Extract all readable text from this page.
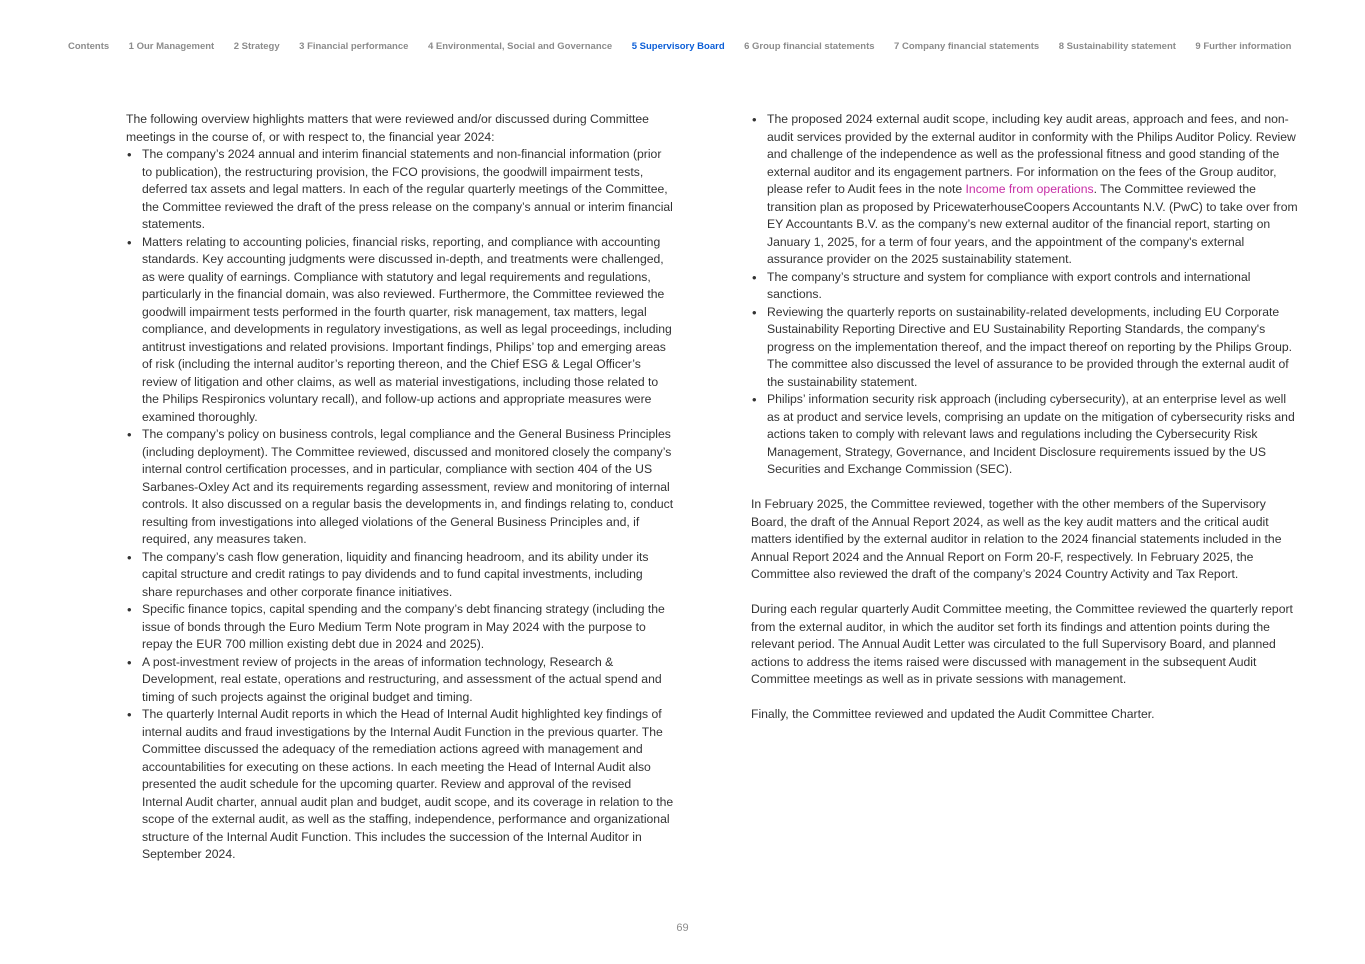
Contents 1 Our Management 2 Strategy 3 Financial performance 4 Environmental, Social and Governance 5 Supervisory Board 6 Group financial statements 7 Company financial statements 8 Sustainability statement 9 Further information

The following overview highlights matters that were reviewed and/or discussed during Committee meetings in the course of, or with respect to, the financial year 2024:

• The company’s 2024 annual and interim financial statements and non-financial information (prior to publication), the restructuring provision, the FCO provisions, the goodwill impairment tests, deferred tax assets and legal matters. In each of the regular quarterly meetings of the Committee, the Committee reviewed the draft of the press release on the company’s annual or interim financial statements.
• Matters relating to accounting policies, financial risks, reporting, and compliance with accounting standards. Key accounting judgments were discussed in-depth, and treatments were challenged, as were quality of earnings. Compliance with statutory and legal requirements and regulations, particularly in the financial domain, was also reviewed. Furthermore, the Committee reviewed the goodwill impairment tests performed in the fourth quarter, risk management, tax matters, legal compliance, and developments in regulatory investigations, as well as legal proceedings, including antitrust investigations and related provisions. Important findings, Philips’ top and emerging areas of risk (including the internal auditor’s reporting thereon, and the Chief ESG & Legal Officer’s review of litigation and other claims, as well as material investigations, including those related to the Philips Respironics voluntary recall), and follow-up actions and appropriate measures were examined thoroughly.
• The company’s policy on business controls, legal compliance and the General Business Principles (including deployment). The Committee reviewed, discussed and monitored closely the company’s internal control certification processes, and in particular, compliance with section 404 of the US Sarbanes-Oxley Act and its requirements regarding assessment, review and monitoring of internal controls. It also discussed on a regular basis the developments in, and findings relating to, conduct resulting from investigations into alleged violations of the General Business Principles and, if required, any measures taken.
• The company’s cash flow generation, liquidity and financing headroom, and its ability under its capital structure and credit ratings to pay dividends and to fund capital investments, including share repurchases and other corporate finance initiatives.
• Specific finance topics, capital spending and the company’s debt financing strategy (including the issue of bonds through the Euro Medium Term Note program in May 2024 with the purpose to repay the EUR 700 million existing debt due in 2024 and 2025).
• A post-investment review of projects in the areas of information technology, Research & Development, real estate, operations and restructuring, and assessment of the actual spend and timing of such projects against the original budget and timing.
• The quarterly Internal Audit reports in which the Head of Internal Audit highlighted key findings of internal audits and fraud investigations by the Internal Audit Function in the previous quarter. The Committee discussed the adequacy of the remediation actions agreed with management and accountabilities for executing on these actions. In each meeting the Head of Internal Audit also presented the audit schedule for the upcoming quarter. Review and approval of the revised Internal Audit charter, annual audit plan and budget, audit scope, and its coverage in relation to the scope of the external audit, as well as the staffing, independence, performance and organizational structure of the Internal Audit Function. This includes the succession of the Internal Auditor in September 2024.
• The proposed 2024 external audit scope, including key audit areas, approach and fees, and non-audit services provided by the external auditor in conformity with the Philips Auditor Policy. Review and challenge of the independence as well as the professional fitness and good standing of the external auditor and its engagement partners. For information on the fees of the Group auditor, please refer to Audit fees in the note Income from operations. The Committee reviewed the transition plan as proposed by PricewaterhouseCoopers Accountants N.V. (PwC) to take over from EY Accountants B.V. as the company’s new external auditor of the financial report, starting on January 1, 2025, for a term of four years, and the appointment of the company's external assurance provider on the 2025 sustainability statement.
• The company’s structure and system for compliance with export controls and international sanctions.
• Reviewing the quarterly reports on sustainability-related developments, including EU Corporate Sustainability Reporting Directive and EU Sustainability Reporting Standards, the company's progress on the implementation thereof, and the impact thereof on reporting by the Philips Group. The committee also discussed the level of assurance to be provided through the external audit of the sustainability statement.
• Philips’ information security risk approach (including cybersecurity), at an enterprise level as well as at product and service levels, comprising an update on the mitigation of cybersecurity risks and actions taken to comply with relevant laws and regulations including the Cybersecurity Risk Management, Strategy, Governance, and Incident Disclosure requirements issued by the US Securities and Exchange Commission (SEC).

In February 2025, the Committee reviewed, together with the other members of the Supervisory Board, the draft of the Annual Report 2024, as well as the key audit matters and the critical audit matters identified by the external auditor in relation to the 2024 financial statements included in the Annual Report 2024 and the Annual Report on Form 20-F, respectively. In February 2025, the Committee also reviewed the draft of the company’s 2024 Country Activity and Tax Report.

During each regular quarterly Audit Committee meeting, the Committee reviewed the quarterly report from the external auditor, in which the auditor set forth its findings and attention points during the relevant period. The Annual Audit Letter was circulated to the full Supervisory Board, and planned actions to address the items raised were discussed with management in the subsequent Audit Committee meetings as well as in private sessions with management.

Finally, the Committee reviewed and updated the Audit Committee Charter.

69
